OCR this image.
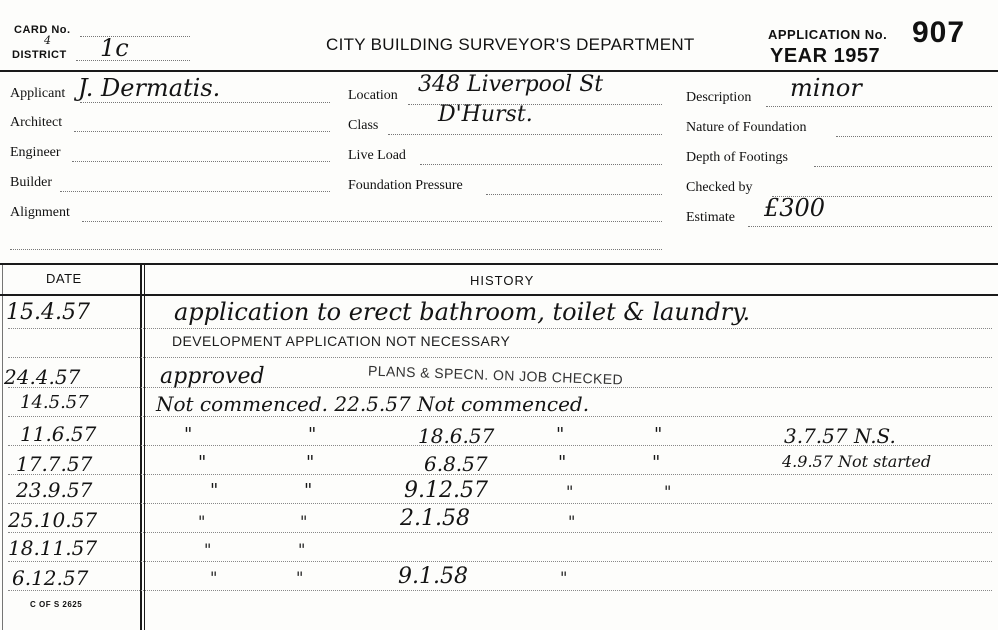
CARD No.
4
DISTRICT 1c	CITY BUILDING SURVEYOR'S DEPARTMENT
APPLICATION No. 907
YEAR 1957
Applicant J. Dermatis.
Architect
Engineer
Builder
Alignment
Location 348 Liverpool St
Class	D'Hurst.
Live Load
Foundation Pressure
Description minor
Nature of Foundation
Depth of Footings
Checked by
Estimate £300
DATE	HISTORY
15.4.57	application to erect bathroom, toilet & laundry.
DEVELOPMENT APPLICATION NOT NECESSARY
24.4.57	approved	PLANS & SPECN. ON JOB CHECKED
14.5.57	Not commenced. 22.5.57 Not commenced.
11.6.57	"	"	18.6.57	"	"	3.7.57 N.S.
17.7.57	"	"	6.8.57	"	"	4.9.57 Not started
23.9.57	"	"	9.12.57	"	"
25.10.57	"	"	2.1.58	"
18.11.57	"	"
6.12.57	"	"	9.1.58	"
C OF S 2625
